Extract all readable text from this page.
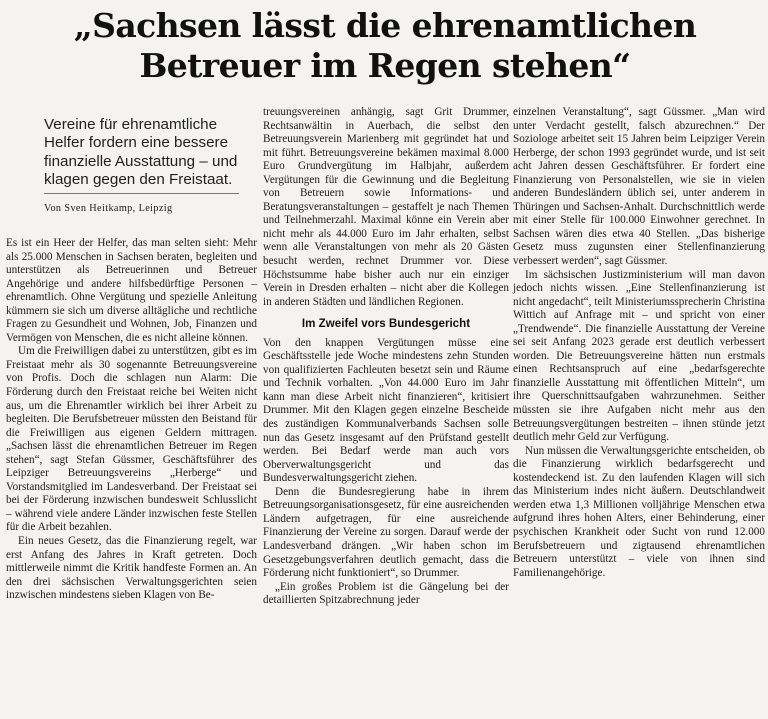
„Sachsen lässt die ehrenamtlichen
Betreuer im Regen stehen“

Vereine für ehrenamtliche Helfer fordern eine bessere finanzielle Ausstattung – und klagen gegen den Freistaat.

Von Sven Heitkamp, Leipzig

Es ist ein Heer der Helfer, das man selten sieht: Mehr als 25.000 Menschen in Sachsen beraten, begleiten und unterstützen als Betreuerinnen und Betreuer Angehörige und andere hilfsbedürftige Personen – ehrenamtlich. Ohne Vergütung und spezielle Anleitung kümmern sie sich um diverse alltägliche und rechtliche Fragen zu Gesundheit und Wohnen, Job, Finanzen und Vermögen von Menschen, die es nicht alleine können.

Um die Freiwilligen dabei zu unterstützen, gibt es im Freistaat mehr als 30 sogenannte Betreuungsvereine von Profis. Doch die schlagen nun Alarm: Die Förderung durch den Freistaat reiche bei Weiten nicht aus, um die Ehrenamtler wirklich bei ihrer Arbeit zu begleiten. Die Berufsbetreuer müssten den Beistand für die Freiwilligen aus eigenen Geldern mittragen. „Sachsen lässt die ehrenamtlichen Betreuer im Regen stehen“, sagt Stefan Güssmer, Geschäftsführer des Leipziger Betreuungsvereins „Herberge“ und Vorstandsmitglied im Landesverband. Der Freistaat sei bei der Förderung inzwischen bundesweit Schlusslicht – während viele andere Länder inzwischen feste Stellen für die Arbeit bezahlen.

Ein neues Gesetz, das die Finanzierung regelt, war erst Anfang des Jahres in Kraft getreten. Doch mittlerweile nimmt die Kritik handfeste Formen an. An den drei sächsischen Verwaltungsgerichten seien inzwischen mindestens sieben Klagen von Be-

treuungsvereinen anhängig, sagt Grit Drummer, Rechtsanwältin in Auerbach, die selbst den Betreuungsverein Marienberg mit gegründet hat und mit führt. Betreuungsvereine bekämen maximal 8.000 Euro Grundvergütung im Halbjahr, außerdem Vergütungen für die Gewinnung und die Begleitung von Betreuern sowie Informations- und Beratungsveranstaltungen – gestaffelt je nach Themen und Teilnehmerzahl. Maximal könne ein Verein aber nicht mehr als 44.000 Euro im Jahr erhalten, selbst wenn alle Veranstaltungen von mehr als 20 Gästen besucht werden, rechnet Drummer vor. Diese Höchstsumme habe bisher auch nur ein einziger Verein in Dresden erhalten – nicht aber die Kollegen in anderen Städten und ländlichen Regionen.

Im Zweifel vors Bundesgericht

Von den knappen Vergütungen müsse eine Geschäftsstelle jede Woche mindestens zehn Stunden von qualifizierten Fachleuten besetzt sein und Räume und Technik vorhalten. „Von 44.000 Euro im Jahr kann man diese Arbeit nicht finanzieren“, kritisiert Drummer. Mit den Klagen gegen einzelne Bescheide des zuständigen Kommunalverbands Sachsen solle nun das Gesetz insgesamt auf den Prüfstand gestellt werden. Bei Bedarf werde man auch vors Oberverwaltungsgericht und das Bundesverwaltungsgericht ziehen.

Denn die Bundesregierung habe in ihrem Betreuungsorganisationsgesetz, für eine ausreichenden Ländern aufgetragen, für eine ausreichende Finanzierung der Vereine zu sorgen. Darauf werde der Landesverband drängen. „Wir haben schon im Gesetzgebungsverfahren deutlich gemacht, dass die Förderung nicht funktioniert“, so Drummer.

„Ein großes Problem ist die Gängelung bei der detaillierten Spitzabrechnung jeder

einzelnen Veranstaltung“, sagt Güssmer. „Man wird unter Verdacht gestellt, falsch abzurechnen.“ Der Soziologe arbeitet seit 15 Jahren beim Leipziger Verein Herberge, der schon 1993 gegründet wurde, und ist seit acht Jahren dessen Geschäftsführer. Er fordert eine Finanzierung von Personalstellen, wie sie in vielen anderen Bundesländern üblich sei, unter anderem in Thüringen und Sachsen-Anhalt. Durchschnittlich werde mit einer Stelle für 100.000 Einwohner gerechnet. In Sachsen wären dies etwa 40 Stellen. „Das bisherige Gesetz muss zugunsten einer Stellenfinanzierung verbessert werden“, sagt Güssmer.

Im sächsischen Justizministerium will man davon jedoch nichts wissen. „Eine Stellenfinanzierung ist nicht angedacht“, teilt Ministeriumssprecherin Christina Wittich auf Anfrage mit – und spricht von einer „Trendwende“. Die finanzielle Ausstattung der Vereine sei seit Anfang 2023 gerade erst deutlich verbessert worden. Die Betreuungsvereine hätten nun erstmals einen Rechtsanspruch auf eine „bedarfsgerechte finanzielle Ausstattung mit öffentlichen Mitteln“, um ihre Querschnittsaufgaben wahrzunehmen. Seither müssten sie ihre Aufgaben nicht mehr aus den Betreuungsvergütungen bestreiten – ihnen stünde jetzt deutlich mehr Geld zur Verfügung.

Nun müssen die Verwaltungsgerichte entscheiden, ob die Finanzierung wirklich bedarfsgerecht und kostendeckend ist. Zu den laufenden Klagen will sich das Ministerium indes nicht äußern. Deutschlandweit werden etwa 1,3 Millionen volljährige Menschen etwa aufgrund ihres hohen Alters, einer Behinderung, einer psychischen Krankheit oder Sucht von rund 12.000 Berufsbetreuern und zigtausend ehrenamtlichen Betreuern unterstützt – viele von ihnen sind Familienangehörige.
